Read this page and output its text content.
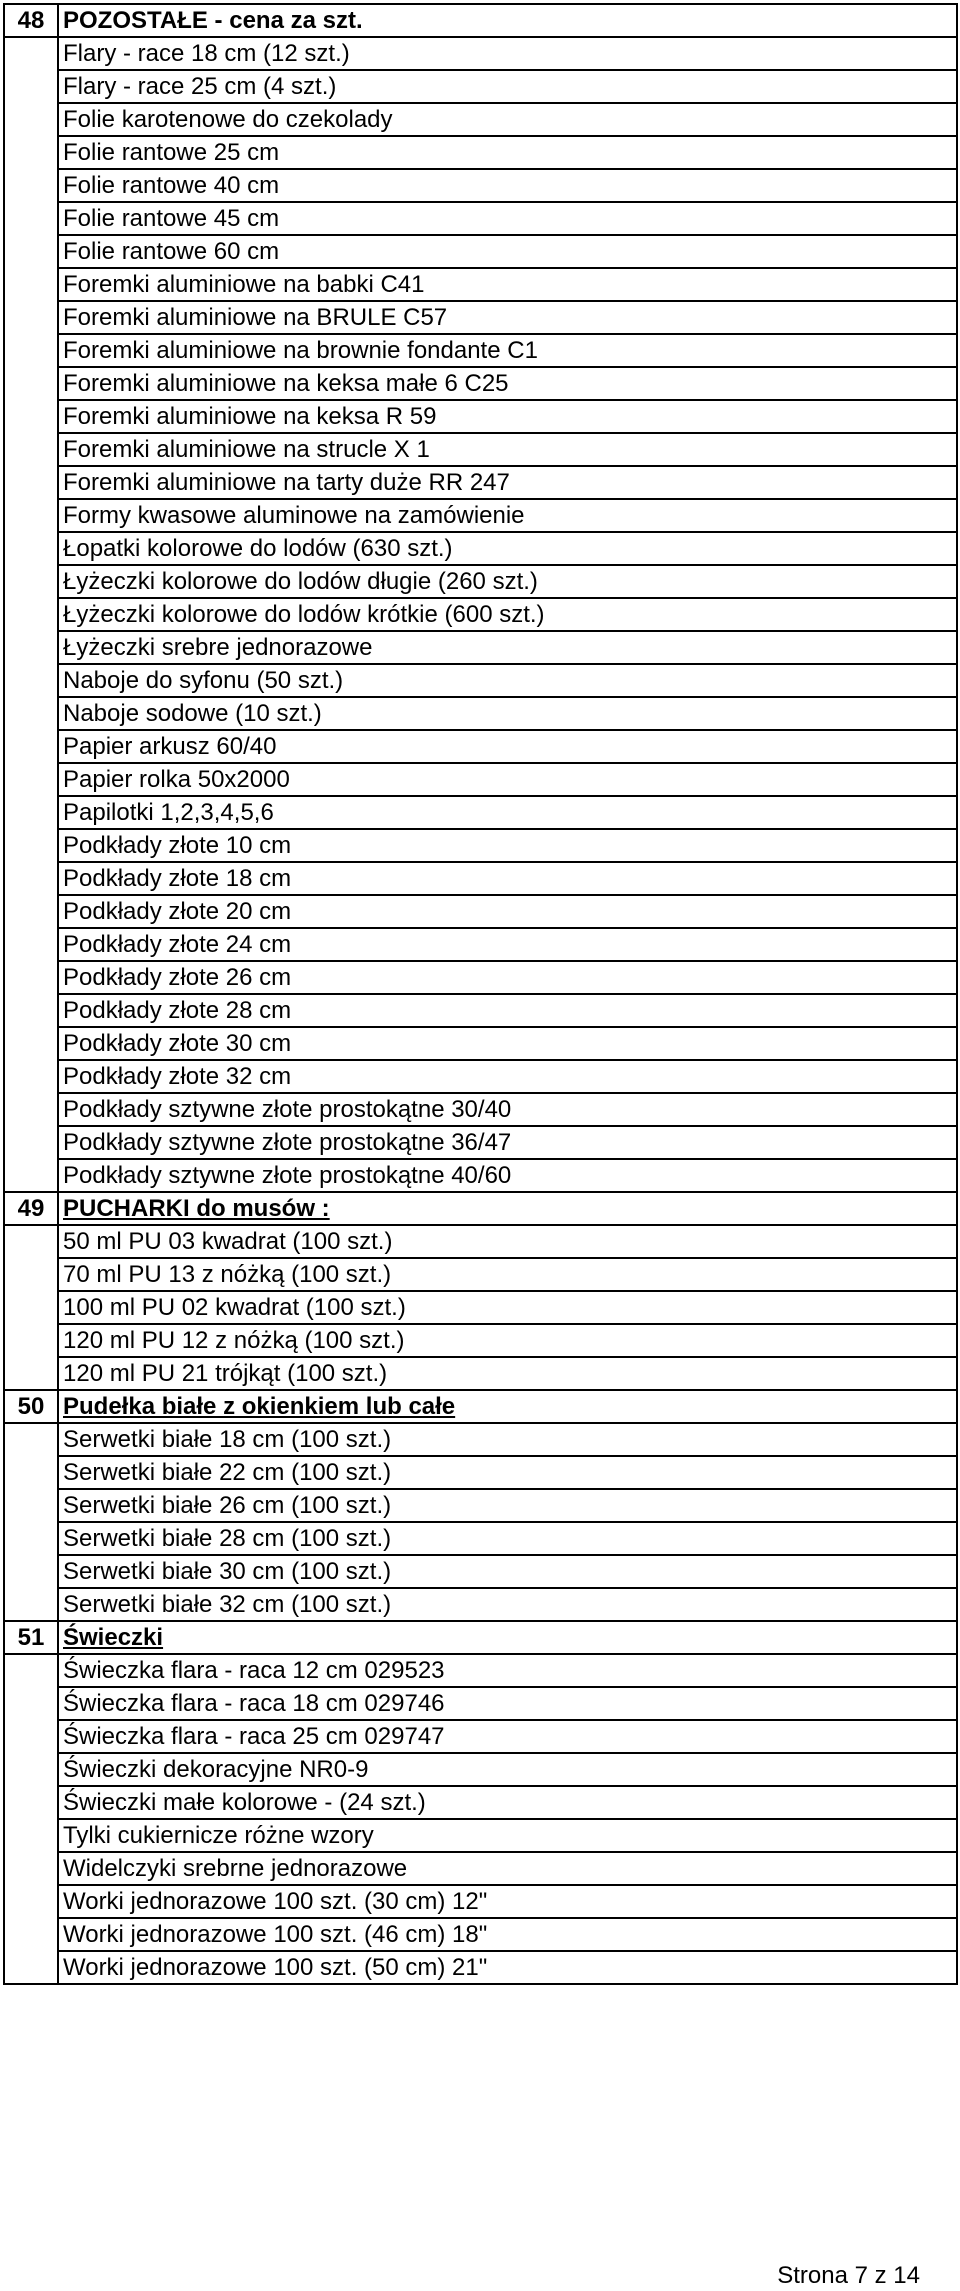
48	POZOSTAŁE - cena za szt.
	Flary - race 18 cm (12 szt.)
	Flary - race 25 cm (4 szt.)
	Folie karotenowe do czekolady
	Folie rantowe 25 cm
	Folie rantowe 40 cm
	Folie rantowe 45 cm
	Folie rantowe 60 cm
	Foremki aluminiowe na babki C41
	Foremki aluminiowe na BRULE C57
	Foremki aluminiowe na brownie fondante C1
	Foremki aluminiowe na keksa małe 6 C25
	Foremki aluminiowe na keksa R 59
	Foremki aluminiowe na strucle X 1
	Foremki aluminiowe na tarty duże RR 247
	Formy kwasowe aluminowe na zamówienie
	Łopatki kolorowe do lodów (630 szt.)
	Łyżeczki kolorowe do lodów długie (260 szt.)
	Łyżeczki kolorowe do lodów krótkie (600 szt.)
	Łyżeczki srebre jednorazowe
	Naboje do syfonu (50 szt.)
	Naboje sodowe (10 szt.)
	Papier arkusz 60/40
	Papier rolka 50x2000
	Papilotki 1,2,3,4,5,6
	Podkłady złote 10 cm
	Podkłady złote 18 cm
	Podkłady złote 20 cm
	Podkłady złote 24 cm
	Podkłady złote 26 cm
	Podkłady złote 28 cm
	Podkłady złote 30 cm
	Podkłady złote 32 cm
	Podkłady sztywne złote prostokątne 30/40
	Podkłady sztywne złote prostokątne 36/47
	Podkłady sztywne złote prostokątne 40/60
49	PUCHARKI do musów :
	50 ml PU 03 kwadrat (100 szt.)
	70 ml PU 13 z nóżką (100 szt.)
	100 ml PU 02 kwadrat (100 szt.)
	120 ml PU 12 z nóżką (100 szt.)
	120 ml PU 21 trójkąt (100 szt.)
50	Pudełka białe z okienkiem lub całe
	Serwetki białe 18 cm (100 szt.)
	Serwetki białe 22 cm (100 szt.)
	Serwetki białe 26 cm (100 szt.)
	Serwetki białe 28 cm (100 szt.)
	Serwetki białe 30 cm (100 szt.)
	Serwetki białe 32 cm (100 szt.)
51	Świeczki
	Świeczka flara - raca 12 cm 029523
	Świeczka flara - raca 18 cm 029746
	Świeczka flara - raca 25 cm 029747
	Świeczki dekoracyjne NR0-9
	Świeczki małe kolorowe - (24 szt.)
	Tylki cukiernicze różne wzory
	Widelczyki srebrne jednorazowe
	Worki jednorazowe 100 szt. (30 cm) 12"
	Worki jednorazowe 100 szt. (46 cm) 18"
	Worki jednorazowe 100 szt. (50 cm) 21"
Strona 7 z 14
